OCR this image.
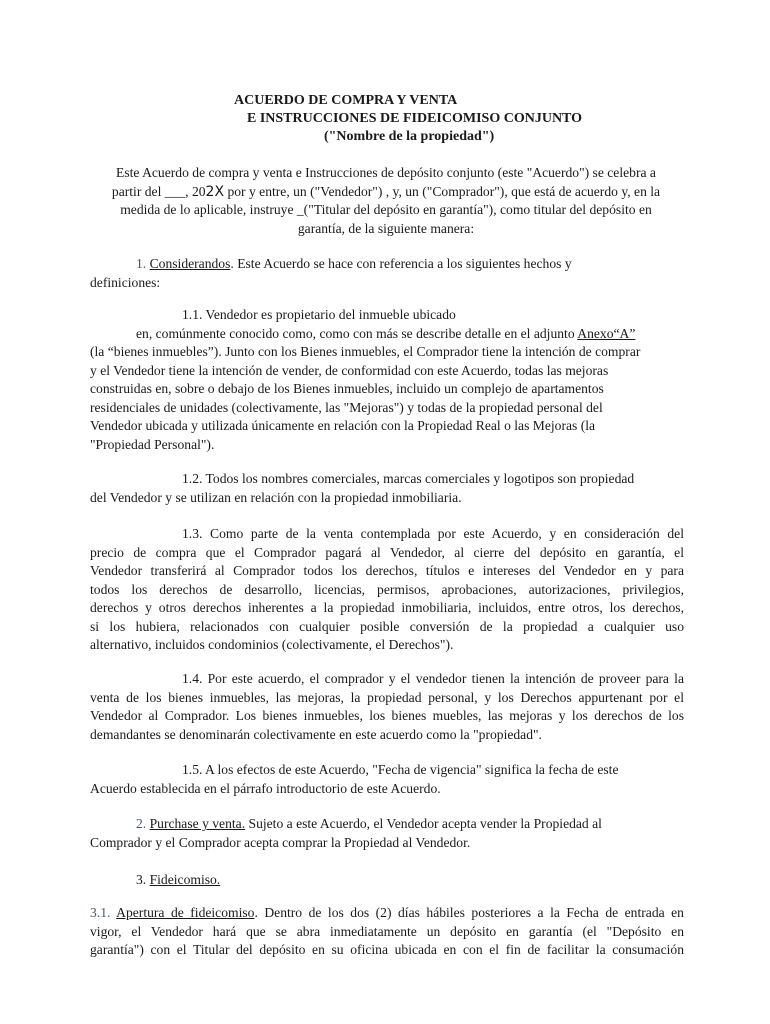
ACUERDO DE COMPRA Y VENTA
E INSTRUCCIONES DE FIDEICOMISO CONJUNTO
("Nombre de la propiedad")
Este Acuerdo de compra y venta e Instrucciones de depósito conjunto (este "Acuerdo") se celebra a
partir del ___, 202X por y entre, un ("Vendedor") , y, un ("Comprador"), que está de acuerdo y, en la
medida de lo aplicable, instruye _("Titular del depósito en garantía"), como titular del depósito en
garantía, de la siguiente manera:
1. Considerandos. Este Acuerdo se hace con referencia a los siguientes hechos y
definiciones:
1.1. Vendedor es propietario del inmueble ubicado
en, comúnmente conocido como, como con más se describe detalle en el adjunto Anexo“A”
(la “bienes inmuebles”). Junto con los Bienes inmuebles, el Comprador tiene la intención de comprar
y el Vendedor tiene la intención de vender, de conformidad con este Acuerdo, todas las mejoras
construidas en, sobre o debajo de los Bienes inmuebles, incluido un complejo de apartamentos
residenciales de unidades (colectivamente, las "Mejoras") y todas de la propiedad personal del
Vendedor ubicada y utilizada únicamente en relación con la Propiedad Real o las Mejoras (la
"Propiedad Personal").
1.2. Todos los nombres comerciales, marcas comerciales y logotipos son propiedad
del Vendedor y se utilizan en relación con la propiedad inmobiliaria.
1.3. Como parte de la venta contemplada por este Acuerdo, y en consideración del
precio de compra que el Comprador pagará al Vendedor, al cierre del depósito en garantía, el
Vendedor transferirá al Comprador todos los derechos, títulos e intereses del Vendedor en y para
todos los derechos de desarrollo, licencias, permisos, aprobaciones, autorizaciones, privilegios,
derechos y otros derechos inherentes a la propiedad inmobiliaria, incluidos, entre otros, los derechos,
si los hubiera, relacionados con cualquier posible conversión de la propiedad a cualquier uso
alternativo, incluidos condominios (colectivamente, el Derechos").
1.4. Por este acuerdo, el comprador y el vendedor tienen la intención de proveer para la
venta de los bienes inmuebles, las mejoras, la propiedad personal, y los Derechos appurtenant por el
Vendedor al Comprador. Los bienes inmuebles, los bienes muebles, las mejoras y los derechos de los
demandantes se denominarán colectivamente en este acuerdo como la "propiedad".
1.5. A los efectos de este Acuerdo, "Fecha de vigencia" significa la fecha de este
Acuerdo establecida en el párrafo introductorio de este Acuerdo.
2. Purchase y venta. Sujeto a este Acuerdo, el Vendedor acepta vender la Propiedad al
Comprador y el Comprador acepta comprar la Propiedad al Vendedor.
3. Fideicomiso.
3.1. Apertura de fideicomiso. Dentro de los dos (2) días hábiles posteriores a la Fecha de entrada en
vigor, el Vendedor hará que se abra inmediatamente un depósito en garantía (el "Depósito en
garantía") con el Titular del depósito en su oficina ubicada en con el fin de facilitar la consumación
